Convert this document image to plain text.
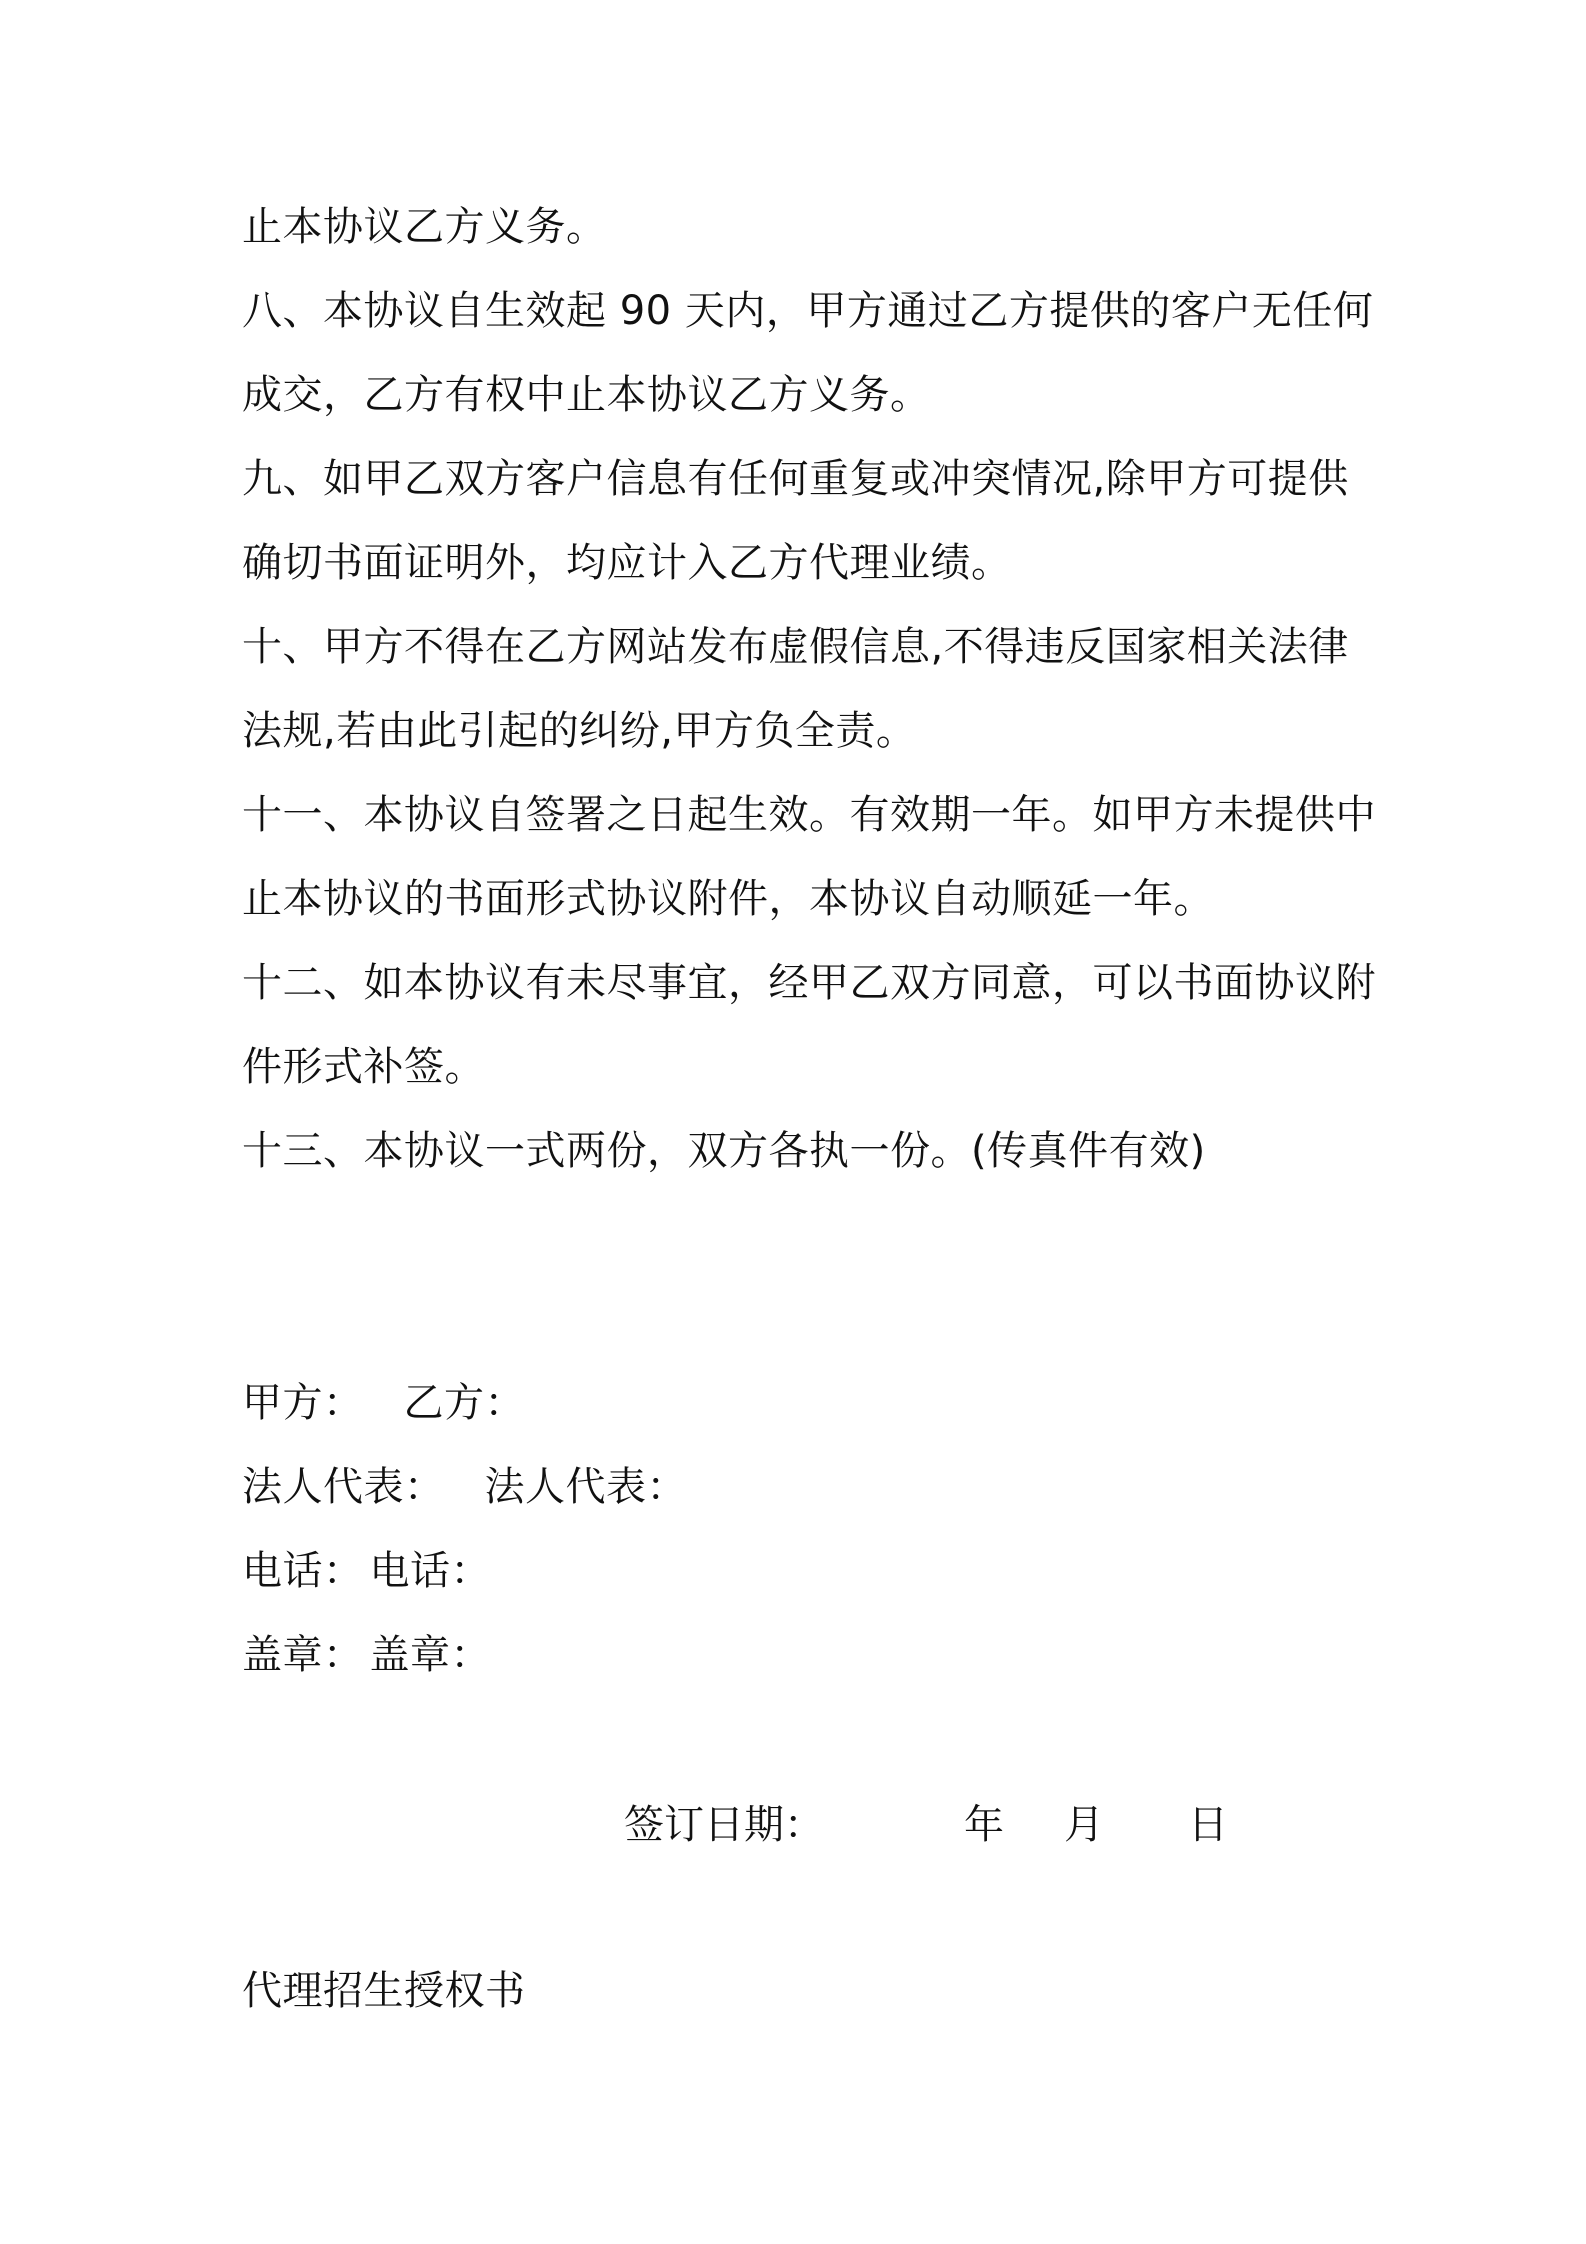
止本协议乙方义务。
八、本协议自生效起 90 天内，甲方通过乙方提供的客户无任何
成交，乙方有权中止本协议乙方义务。
九、如甲乙双方客户信息有任何重复或冲突情况,除甲方可提供
确切书面证明外，均应计入乙方代理业绩。
十、甲方不得在乙方网站发布虚假信息,不得违反国家相关法律
法规,若由此引起的纠纷,甲方负全责。
十一、本协议自签署之日起生效。有效期一年。如甲方未提供中
止本协议的书面形式协议附件，本协议自动顺延一年。
十二、如本协议有未尽事宜，经甲乙双方同意，可以书面协议附
件形式补签。
十三、本协议一式两份，双方各执一份。(传真件有效)
甲方： 乙方：
法人代表： 法人代表：
电话： 电话：
盖章： 盖章：
签订日期：	年 月 日
代理招生授权书
